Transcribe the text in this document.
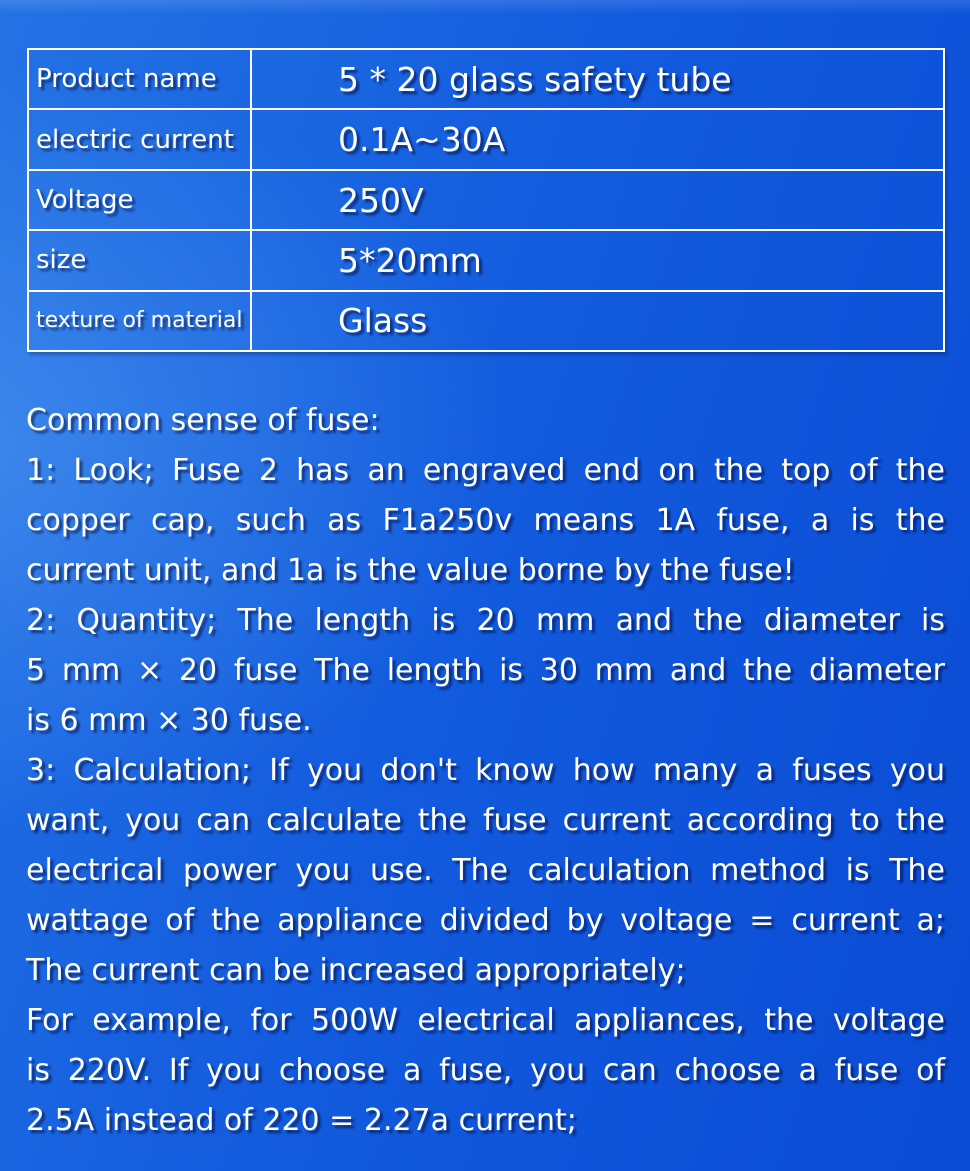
Product name	5 * 20 glass safety tube
electric current	0.1A~30A
Voltage	250V
size	5*20mm
texture of material	Glass
Common sense of fuse:
1: Look; Fuse 2 has an engraved end on the top of the
copper cap, such as F1a250v means 1A fuse, a is the
current unit, and 1a is the value borne by the fuse!
2: Quantity; The length is 20 mm and the diameter is
5 mm × 20 fuse The length is 30 mm and the diameter
is 6 mm × 30 fuse.
3: Calculation; If you don't know how many a fuses you
want, you can calculate the fuse current according to the
electrical power you use. The calculation method is The
wattage of the appliance divided by voltage = current a;
The current can be increased appropriately;
For example, for 500W electrical appliances, the voltage
is 220V. If you choose a fuse, you can choose a fuse of
2.5A instead of 220 = 2.27a current;
